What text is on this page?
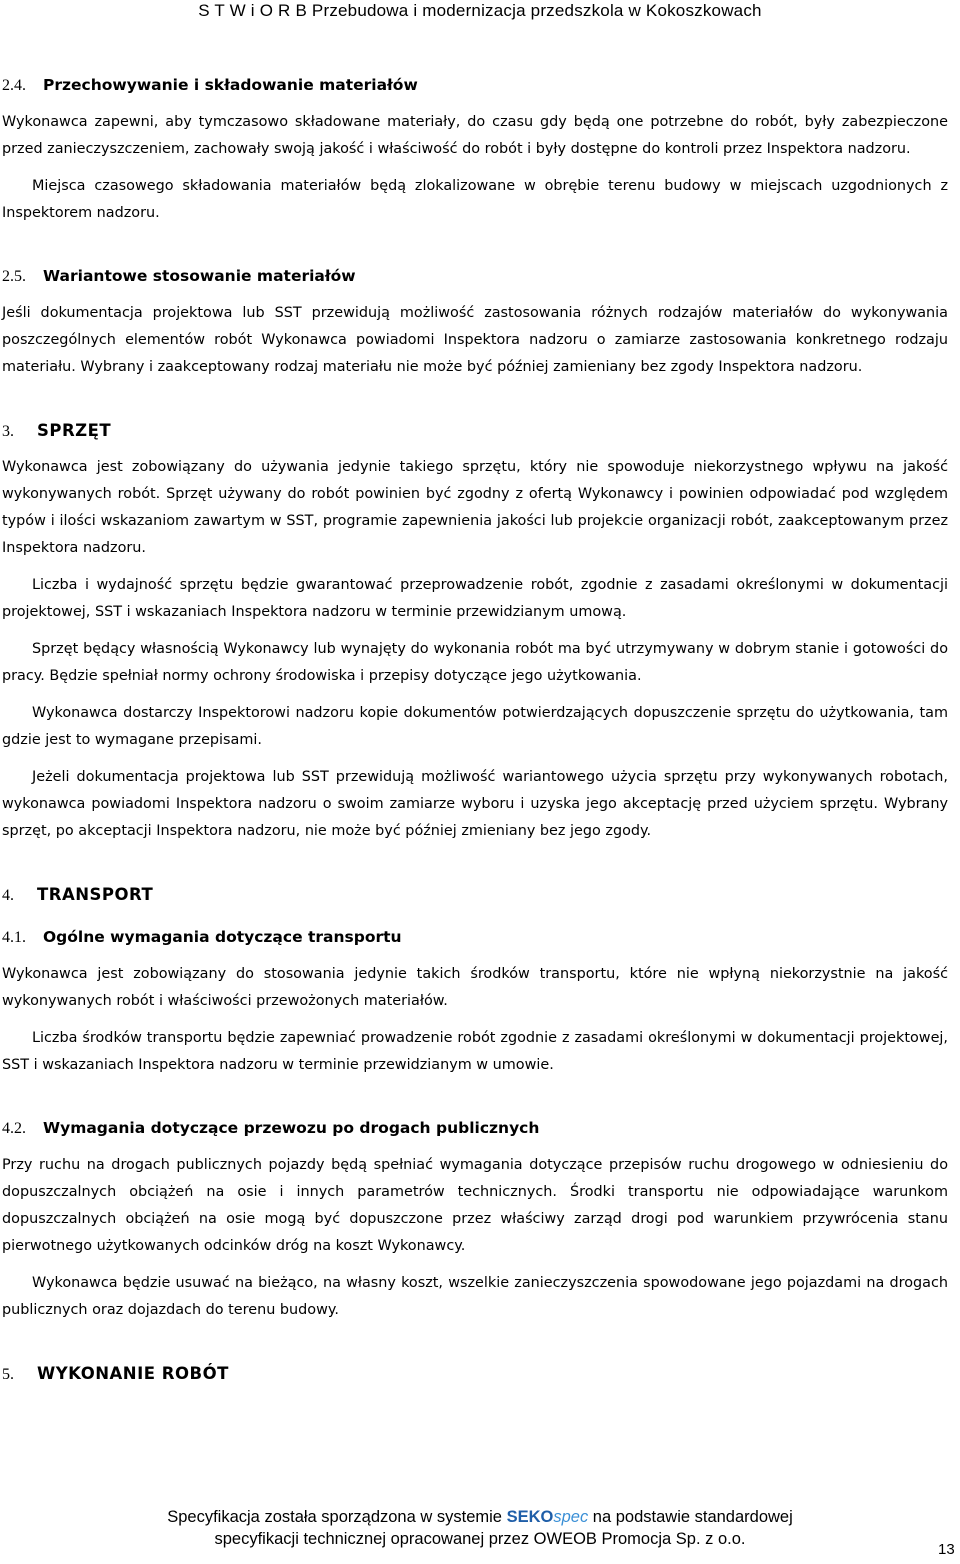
S T W i O R B Przebudowa i modernizacja przedszkola w Kokoszkowach
2.4. Przechowywanie i składowanie materiałów

Wykonawca zapewni, aby tymczasowo składowane materiały, do czasu gdy będą one potrzebne do robót, były zabezpieczone przed zanieczyszczeniem, zachowały swoją jakość i właściwość do robót i były dostępne do kontroli przez Inspektora nadzoru.

Miejsca czasowego składowania materiałów będą zlokalizowane w obrębie terenu budowy w miejscach uzgodnionych z Inspektorem nadzoru.

2.5. Wariantowe stosowanie materiałów

Jeśli dokumentacja projektowa lub SST przewidują możliwość zastosowania różnych rodzajów materiałów do wykonywania poszczególnych elementów robót Wykonawca powiadomi Inspektora nadzoru o zamiarze zastosowania konkretnego rodzaju materiału. Wybrany i zaakceptowany rodzaj materiału nie może być później zamieniany bez zgody Inspektora nadzoru.

3. SPRZĘT

Wykonawca jest zobowiązany do używania jedynie takiego sprzętu, który nie spowoduje niekorzystnego wpływu na jakość wykonywanych robót. Sprzęt używany do robót powinien być zgodny z ofertą Wykonawcy i powinien odpowiadać pod względem typów i ilości wskazaniom zawartym w SST, programie zapewnienia jakości lub projekcie organizacji robót, zaakceptowanym przez Inspektora nadzoru.

Liczba i wydajność sprzętu będzie gwarantować przeprowadzenie robót, zgodnie z zasadami określonymi w dokumentacji projektowej, SST i wskazaniach Inspektora nadzoru w terminie przewidzianym umową.

Sprzęt będący własnością Wykonawcy lub wynajęty do wykonania robót ma być utrzymywany w dobrym stanie i gotowości do pracy. Będzie spełniał normy ochrony środowiska i przepisy dotyczące jego użytkowania.

Wykonawca dostarczy Inspektorowi nadzoru kopie dokumentów potwierdzających dopuszczenie sprzętu do użytkowania, tam gdzie jest to wymagane przepisami.

Jeżeli dokumentacja projektowa lub SST przewidują możliwość wariantowego użycia sprzętu przy wykonywanych robotach, wykonawca powiadomi Inspektora nadzoru o swoim zamiarze wyboru i uzyska jego akceptację przed użyciem sprzętu. Wybrany sprzęt, po akceptacji Inspektora nadzoru, nie może być później zmieniany bez jego zgody.

4. TRANSPORT
4.1. Ogólne wymagania dotyczące transportu

Wykonawca jest zobowiązany do stosowania jedynie takich środków transportu, które nie wpłyną niekorzystnie na jakość wykonywanych robót i właściwości przewożonych materiałów.

Liczba środków transportu będzie zapewniać prowadzenie robót zgodnie z zasadami określonymi w dokumentacji projektowej, SST i wskazaniach Inspektora nadzoru w terminie przewidzianym w umowie.

4.2. Wymagania dotyczące przewozu po drogach publicznych

Przy ruchu na drogach publicznych pojazdy będą spełniać wymagania dotyczące przepisów ruchu drogowego w odniesieniu do dopuszczalnych obciążeń na osie i innych parametrów technicznych. Środki transportu nie odpowiadające warunkom dopuszczalnych obciążeń na osie mogą być dopuszczone przez właściwy zarząd drogi pod warunkiem przywrócenia stanu pierwotnego użytkowanych odcinków dróg na koszt Wykonawcy.

Wykonawca będzie usuwać na bieżąco, na własny koszt, wszelkie zanieczyszczenia spowodowane jego pojazdami na drogach publicznych oraz dojazdach do terenu budowy.

5. WYKONANIE ROBÓT
Specyfikacja została sporządzona w systemie SEKOspec na podstawie standardowej
specyfikacji technicznej opracowanej przez OWEOB Promocja Sp. z o.o.
13
